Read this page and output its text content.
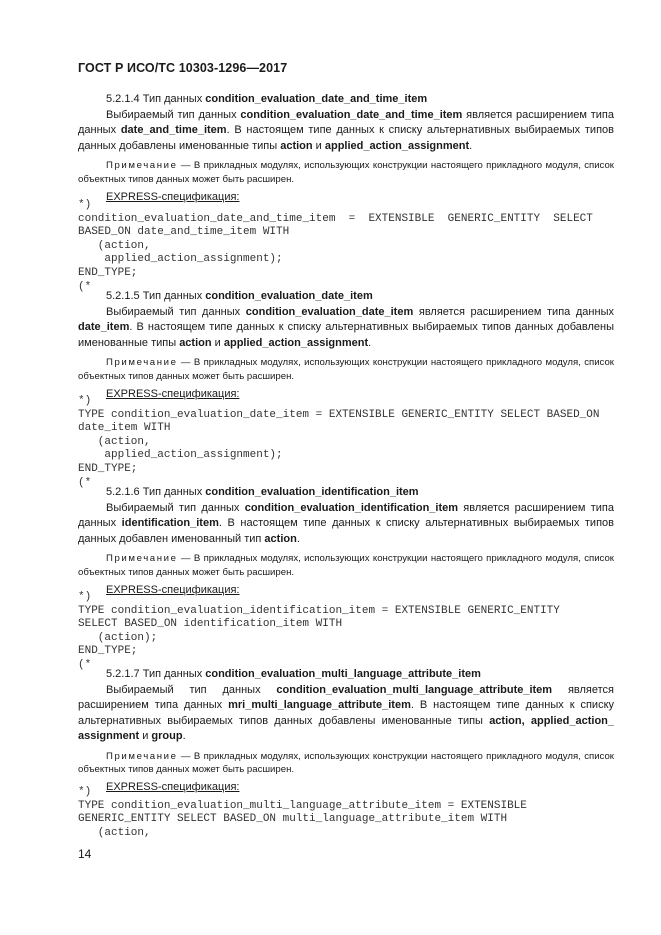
ГОСТ Р ИСО/ТС 10303-1296—2017
5.2.1.4 Тип данных condition_evaluation_date_and_time_item
Выбираемый тип данных condition_evaluation_date_and_time_item является расширением типа данных date_and_time_item. В настоящем типе данных к списку альтернативных выбираемых типов данных добавлены именованные типы action и applied_action_assignment.
Примечание — В прикладных модулях, использующих конструкции настоящего прикладного модуля, список объектных типов данных может быть расширен.
EXPRESS-спецификация:
*)
condition_evaluation_date_and_time_item  =  EXTENSIBLE  GENERIC_ENTITY  SELECT
BASED_ON date_and_time_item WITH
(action,
applied_action_assignment);
END_TYPE;
(*
5.2.1.5 Тип данных condition_evaluation_date_item
Выбираемый тип данных condition_evaluation_date_item является расширением типа данных date_item. В настоящем типе данных к списку альтернативных выбираемых типов данных добавлены именованные типы action и applied_action_assignment.
Примечание — В прикладных модулях, использующих конструкции настоящего прикладного модуля, список объектных типов данных может быть расширен.
EXPRESS-спецификация:
*)
TYPE condition_evaluation_date_item = EXTENSIBLE GENERIC_ENTITY SELECT BASED_ON
date_item WITH
(action,
applied_action_assignment);
END_TYPE;
(*
5.2.1.6 Тип данных condition_evaluation_identification_item
Выбираемый тип данных condition_evaluation_identification_item является расширением типа данных identification_item. В настоящем типе данных к списку альтернативных выбираемых типов данных добавлен именованный тип action.
Примечание — В прикладных модулях, использующих конструкции настоящего прикладного модуля, список объектных типов данных может быть расширен.
EXPRESS-спецификация:
*)
TYPE condition_evaluation_identification_item = EXTENSIBLE GENERIC_ENTITY
SELECT BASED_ON identification_item WITH
(action);
END_TYPE;
(*
5.2.1.7 Тип данных condition_evaluation_multi_language_attribute_item
Выбираемый тип данных condition_evaluation_multi_language_attribute_item является расширением типа данных mri_multi_language_attribute_item. В настоящем типе данных к списку альтернативных выбираемых типов данных добавлены именованные типы action, applied_action_ assignment и group.
Примечание — В прикладных модулях, использующих конструкции настоящего прикладного модуля, список объектных типов данных может быть расширен.
EXPRESS-спецификация:
*)
TYPE condition_evaluation_multi_language_attribute_item = EXTENSIBLE
GENERIC_ENTITY SELECT BASED_ON multi_language_attribute_item WITH
(action,
14
